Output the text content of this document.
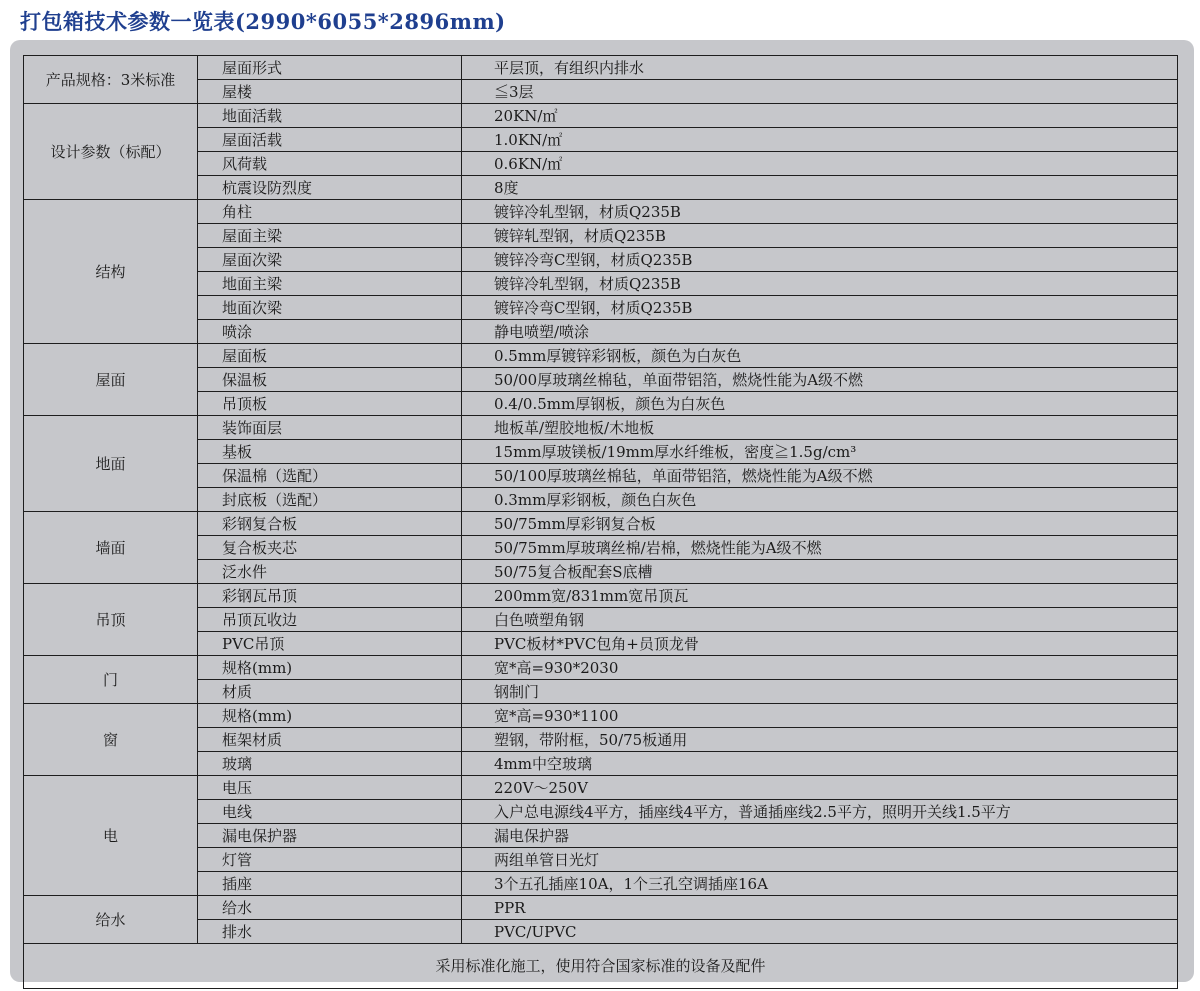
打包箱技术参数一览表(2990*6055*2896mm)
产品规格：3米标准	屋面形式	平层顶，有组织内排水
	屋楼	≦3层
设计参数（标配）	地面活载	20KN/㎡
	屋面活载	1.0KN/㎡
	风荷载	0.6KN/㎡
	杭震设防烈度	8度
结构	角柱	镀锌冷轧型钢，材质Q235B
	屋面主梁	镀锌轧型钢，材质Q235B
	屋面次梁	镀锌冷弯C型钢，材质Q235B
	地面主梁	镀锌冷轧型钢，材质Q235B
	地面次梁	镀锌冷弯C型钢，材质Q235B
	喷涂	静电喷塑/喷涂
屋面	屋面板	0.5mm厚镀锌彩钢板，颜色为白灰色
	保温板	50/00厚玻璃丝棉毡，单面带铝箔，燃烧性能为A级不燃
	吊顶板	0.4/0.5mm厚钢板，颜色为白灰色
地面	装饰面层	地板革/塑胶地板/木地板
	基板	15mm厚玻镁板/19mm厚水纤维板，密度≧1.5g/cm³
	保温棉（选配）	50/100厚玻璃丝棉毡，单面带铝箔，燃烧性能为A级不燃
	封底板（选配）	0.3mm厚彩钢板，颜色白灰色
墙面	彩钢复合板	50/75mm厚彩钢复合板
	复合板夹芯	50/75mm厚玻璃丝棉/岩棉，燃烧性能为A级不燃
	泛水件	50/75复合板配套S底槽
吊顶	彩钢瓦吊顶	200mm宽/831mm宽吊顶瓦
	吊顶瓦收边	白色喷塑角钢
	PVC吊顶	PVC板材*PVC包角+员顶龙骨
门	规格(mm)	宽*高=930*2030
	材质	钢制门
窗	规格(mm)	宽*高=930*1100
	框架材质	塑钢，带附框，50/75板通用
	玻璃	4mm中空玻璃
电	电压	220V～250V
	电线	入户总电源线4平方，插座线4平方，普通插座线2.5平方，照明开关线1.5平方
	漏电保护器	漏电保护器
	灯管	两组单管日光灯
	插座	3个五孔插座10A，1个三孔空调插座16A
给水	给水	PPR
	排水	PVC/UPVC
采用标准化施工，使用符合国家标准的设备及配件		
